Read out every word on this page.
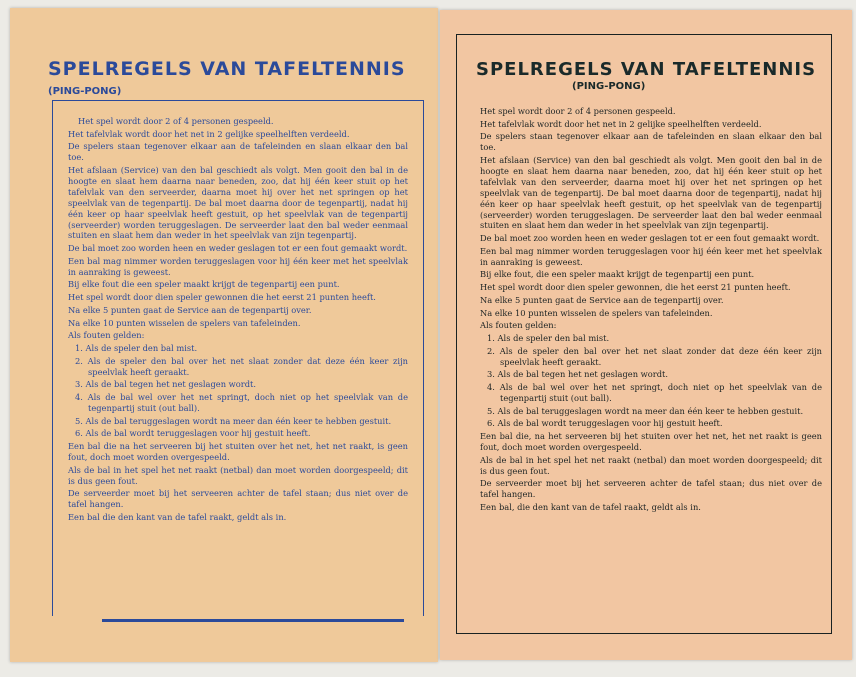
SPELREGELS VAN TAFELTENNIS
(PING-PONG)

Het spel wordt door 2 of 4 personen gespeeld.

Het tafelvlak wordt door het net in 2 gelijke speelhelften verdeeld.

De spelers staan tegenover elkaar aan de tafeleinden en slaan elkaar den bal toe.

Het afslaan (Service) van den bal geschiedt als volgt. Men gooit den bal in de hoogte en slaat hem daarna naar beneden, zoo, dat hij één keer stuit op het tafelvlak van den serveerder, daarna moet hij over het net springen op het speelvlak van de tegenpartij. De bal moet daarna door de tegenpartij, nadat hij één keer op haar speelvlak heeft gestuit, op het speelvlak van de tegenpartij (serveerder) worden teruggeslagen. De serveerder laat den bal weder eenmaal stuiten en slaat hem dan weder in het speelvlak van zijn tegenpartij.

De bal moet zoo worden heen en weder geslagen tot er een fout gemaakt wordt.

Een bal mag nimmer worden teruggeslagen voor hij één keer met het speelvlak in aanraking is geweest.

Bij elke fout die een speler maakt krijgt de tegenpartij een punt.

Het spel wordt door dien speler gewonnen die het eerst 21 punten heeft.

Na elke 5 punten gaat de Service aan de tegenpartij over.

Na elke 10 punten wisselen de spelers van tafeleinden.

Als fouten gelden:

1. Als de speler den bal mist.

2. Als de speler den bal over het net slaat zonder dat deze één keer zijn speelvlak heeft geraakt.

3. Als de bal tegen het net geslagen wordt.

4. Als de bal wel over het net springt, doch niet op het speelvlak van de tegenpartij stuit (out ball).

5. Als de bal teruggeslagen wordt na meer dan één keer te hebben gestuit.

6. Als de bal wordt teruggeslagen voor hij gestuit heeft.

Een bal die na het serveeren bij het stuiten over het net, het net raakt, is geen fout, doch moet worden overgespeeld.

Als de bal in het spel het net raakt (netbal) dan moet worden doorgespeeld; dit is dus geen fout.

De serveerder moet bij het serveeren achter de tafel staan; dus niet over de tafel hangen.

Een bal die den kant van de tafel raakt, geldt als in.

SPELREGELS VAN TAFELTENNIS
(PING-PONG)

Het spel wordt door 2 of 4 personen gespeeld.

Het tafelvlak wordt door het net in 2 gelijke speelhelften verdeeld.

De spelers staan tegenover elkaar aan de tafeleinden en slaan elkaar den bal toe.

Het afslaan (Service) van den bal geschiedt als volgt. Men gooit den bal in de hoogte en slaat hem daarna naar beneden, zoo, dat hij één keer stuit op het tafelvlak van den serveerder, daarna moet hij over het net springen op het speelvlak van de tegenpartij. De bal moet daarna door de tegenpartij, nadat hij één keer op haar speelvlak heeft gestuit, op het speelvlak van de tegenpartij (serveerder) worden teruggeslagen. De serveerder laat den bal weder eenmaal stuiten en slaat hem dan weder in het speelvlak van zijn tegenpartij.

De bal moet zoo worden heen en weder geslagen tot er een fout gemaakt wordt.

Een bal mag nimmer worden teruggeslagen voor hij één keer met het speelvlak in aanraking is geweest.

Bij elke fout, die een speler maakt krijgt de tegenpartij een punt.

Het spel wordt door dien speler gewonnen, die het eerst 21 punten heeft.

Na elke 5 punten gaat de Service aan de tegenpartij over.

Na elke 10 punten wisselen de spelers van tafeleinden.

Als fouten gelden:

1. Als de speler den bal mist.

2. Als de speler den bal over het net slaat zonder dat deze één keer zijn speelvlak heeft geraakt.

3. Als de bal tegen het net geslagen wordt.

4. Als de bal wel over het net springt, doch niet op het speelvlak van de tegenpartij stuit (out ball).

5. Als de bal teruggeslagen wordt na meer dan één keer te hebben gestuit.

6. Als de bal wordt teruggeslagen voor hij gestuit heeft.

Een bal die, na het serveeren bij het stuiten over het net, het net raakt is geen fout, doch moet worden overgespeeld.

Als de bal in het spel het net raakt (netbal) dan moet worden doorgespeeld; dit is dus geen fout.

De serveerder moet bij het serveeren achter de tafel staan; dus niet over de tafel hangen.

Een bal, die den kant van de tafel raakt, geldt als in.
